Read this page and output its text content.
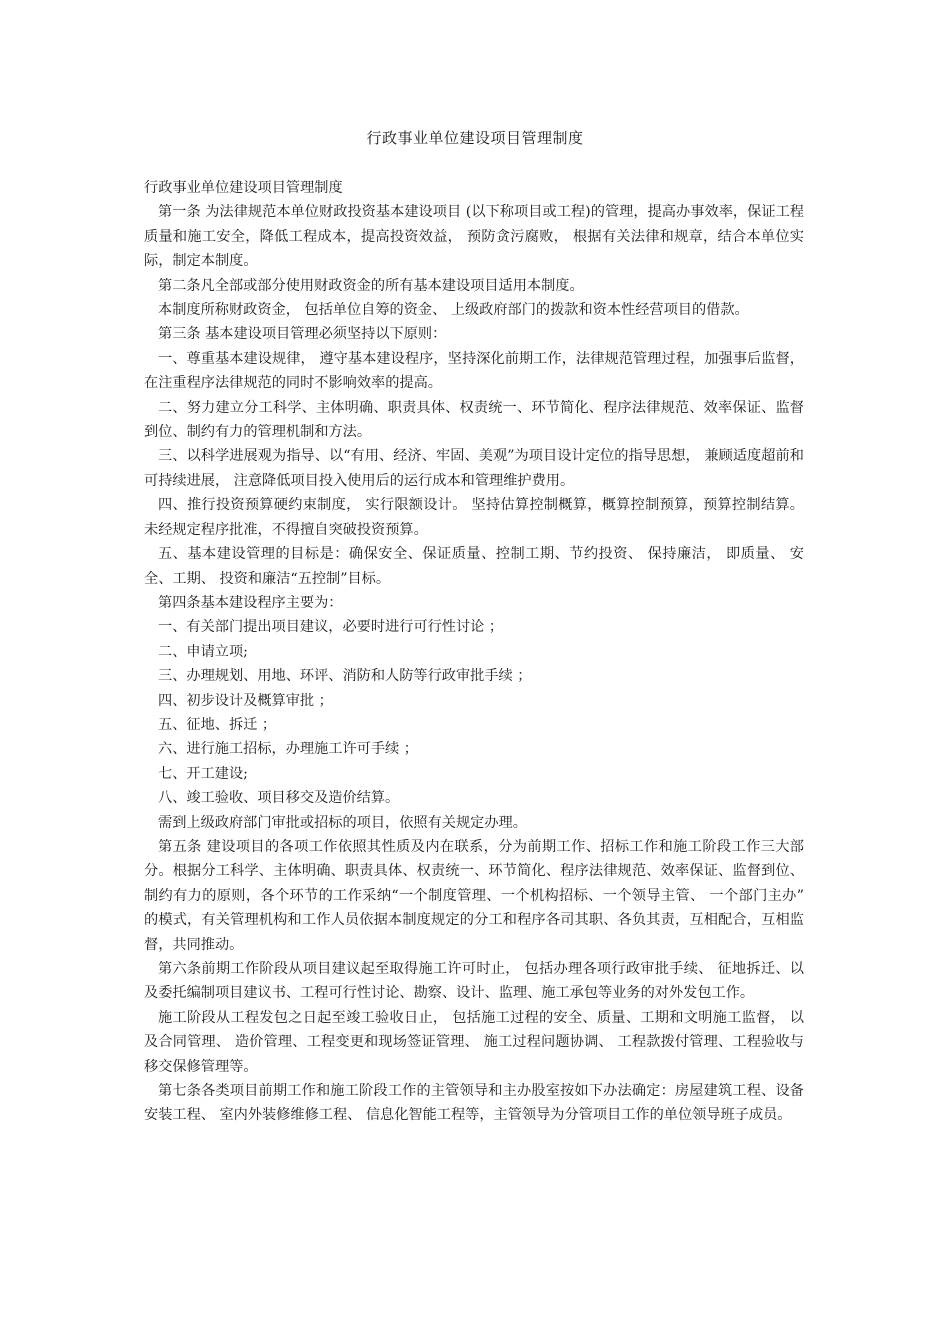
行政事业单位建设项目管理制度

行政事业单位建设项目管理制度

第一条 为法律规范本单位财政投资基本建设项目 (以下称项目或工程)的管理，提高办事效率，保证工程质量和施工安全，降低工程成本，提高投资效益， 预防贪污腐败， 根据有关法律和规章，结合本单位实际，制定本制度。

第二条凡全部或部分使用财政资金的所有基本建设项目适用本制度。

本制度所称财政资金， 包括单位自筹的资金、 上级政府部门的拨款和资本性经营项目的借款。

第三条 基本建设项目管理必须坚持以下原则：

一、尊重基本建设规律， 遵守基本建设程序，坚持深化前期工作，法律规范管理过程，加强事后监督， 在注重程序法律规范的同时不影响效率的提高。

二、努力建立分工科学、主体明确、职责具体、权责统一、环节简化、程序法律规范、效率保证、监督到位、制约有力的管理机制和方法。

三、以科学进展观为指导、以“有用、经济、牢固、美观”为项目设计定位的指导思想， 兼顾适度超前和可持续进展， 注意降低项目投入使用后的运行成本和管理维护费用。

四、推行投资预算硬约束制度， 实行限额设计。 坚持估算控制概算，概算控制预算，预算控制结算。未经规定程序批准，不得擅自突破投资预算。

五、基本建设管理的目标是：确保安全、保证质量、控制工期、节约投资、 保持廉洁， 即质量、 安全、工期、 投资和廉洁“五控制”目标。

第四条基本建设程序主要为：

一、有关部门提出项目建议，必要时进行可行性讨论 ；

二、申请立项;

三、办理规划、用地、环评、消防和人防等行政审批手续 ；

四、初步设计及概算审批 ；

五、征地、拆迁 ；

六、进行施工招标，办理施工许可手续 ；

七、开工建设;

八、竣工验收、项目移交及造价结算。

需到上级政府部门审批或招标的项目，依照有关规定办理。

第五条 建设项目的各项工作依照其性质及内在联系，分为前期工作、招标工作和施工阶段工作三大部分。根据分工科学、主体明确、职责具体、权责统一、环节简化、程序法律规范、效率保证、监督到位、制约有力的原则，各个环节的工作采纳“一个制度管理、一个机构招标、一个领导主管、 一个部门主办” 的模式，有关管理机构和工作人员依据本制度规定的分工和程序各司其职、各负其责，互相配合，互相监督，共同推动。

第六条前期工作阶段从项目建议起至取得施工许可时止， 包括办理各项行政审批手续、 征地拆迁、以及委托编制项目建议书、工程可行性讨论、勘察、设计、监理、施工承包等业务的对外发包工作。

施工阶段从工程发包之日起至竣工验收日止， 包括施工过程的安全、质量、工期和文明施工监督， 以及合同管理、 造价管理、工程变更和现场签证管理、 施工过程问题协调、 工程款拨付管理、工程验收与移交保修管理等。

第七条各类项目前期工作和施工阶段工作的主管领导和主办股室按如下办法确定：房屋建筑工程、设备安装工程、 室内外装修维修工程、 信息化智能工程等，主管领导为分管项目工作的单位领导班子成员。
